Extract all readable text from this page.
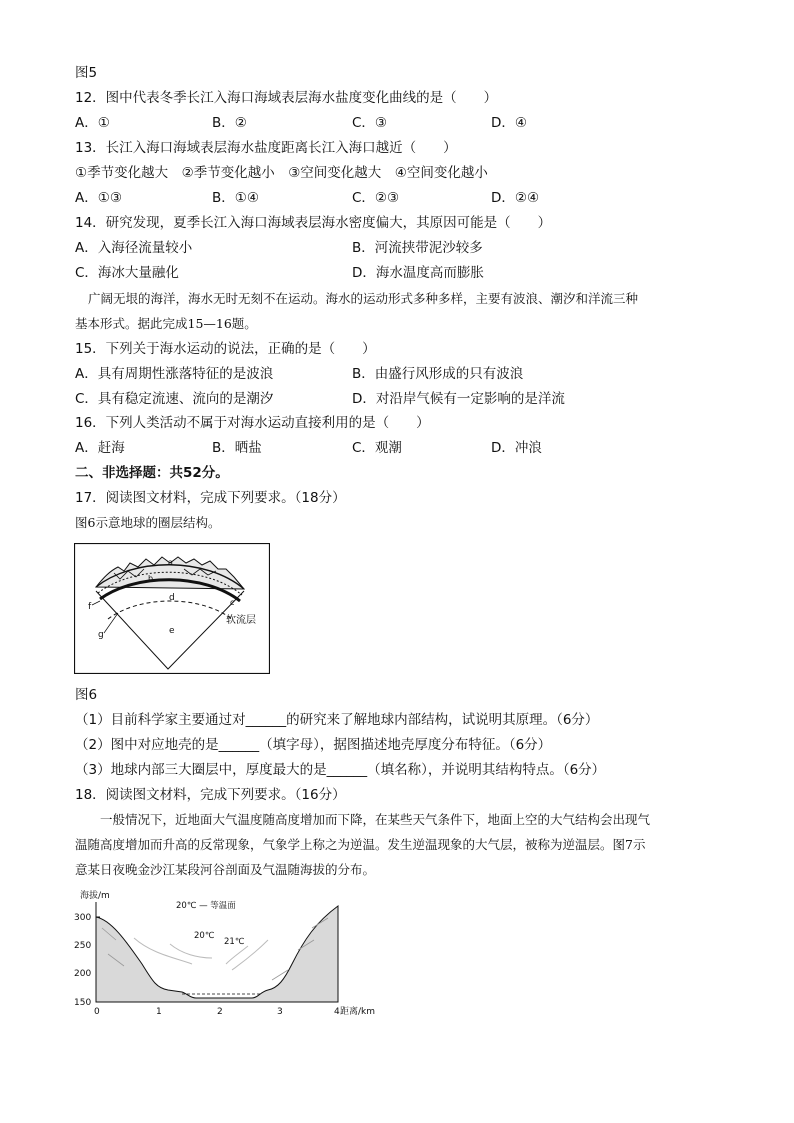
图5
12．图中代表冬季长江入海口海域表层海水盐度变化曲线的是（　　）
A．①	B．②	C．③	D．④
13．长江入海口海域表层海水盐度距离长江入海口越近（　　）
①季节变化越大　②季节变化越小　③空间变化越大　④空间变化越小
A．①③	B．①④	C．②③	D．②④
14．研究发现，夏季长江入海口海域表层海水密度偏大，其原因可能是（　　）
A．入海径流量较小	B．河流挟带泥沙较多
C．海冰大量融化	D．海水温度高而膨胀
广阔无垠的海洋，海水无时无刻不在运动。海水的运动形式多种多样，主要有波浪、潮汐和洋流三种
基本形式。据此完成15—16题。
15．下列关于海水运动的说法，正确的是（　　）
A．具有周期性涨落特征的是波浪	B．由盛行风形成的只有波浪
C．具有稳定流速、流向的是潮汐	D．对沿岸气候有一定影响的是洋流
16．下列人类活动不属于对海水运动直接利用的是（　　）
A．赶海	B．晒盐	C．观潮	D．冲浪
二、非选择题：共52分。
17．阅读图文材料，完成下列要求。（18分）
图6示意地球的圈层结构。
a
b
c
d
e
f
g
软流层
图6
（1）目前科学家主要通过对______的研究来了解地球内部结构，试说明其原理。（6分）
（2）图中对应地壳的是______（填字母），据图描述地壳厚度分布特征。（6分）
（3）地球内部三大圈层中，厚度最大的是______（填名称），并说明其结构特点。（6分）
18．阅读图文材料，完成下列要求。（16分）
一般情况下，近地面大气温度随高度增加而下降，在某些天气条件下，地面上空的大气结构会出现气
温随高度增加而升高的反常现象，气象学上称之为逆温。发生逆温现象的大气层，被称为逆温层。图7示
意某日夜晚金沙江某段河谷剖面及气温随海拔的分布。
海拔/m
300
250
200
150
0	1	2	3	4 距离/km
20℃ — 等温面
20℃
21℃
